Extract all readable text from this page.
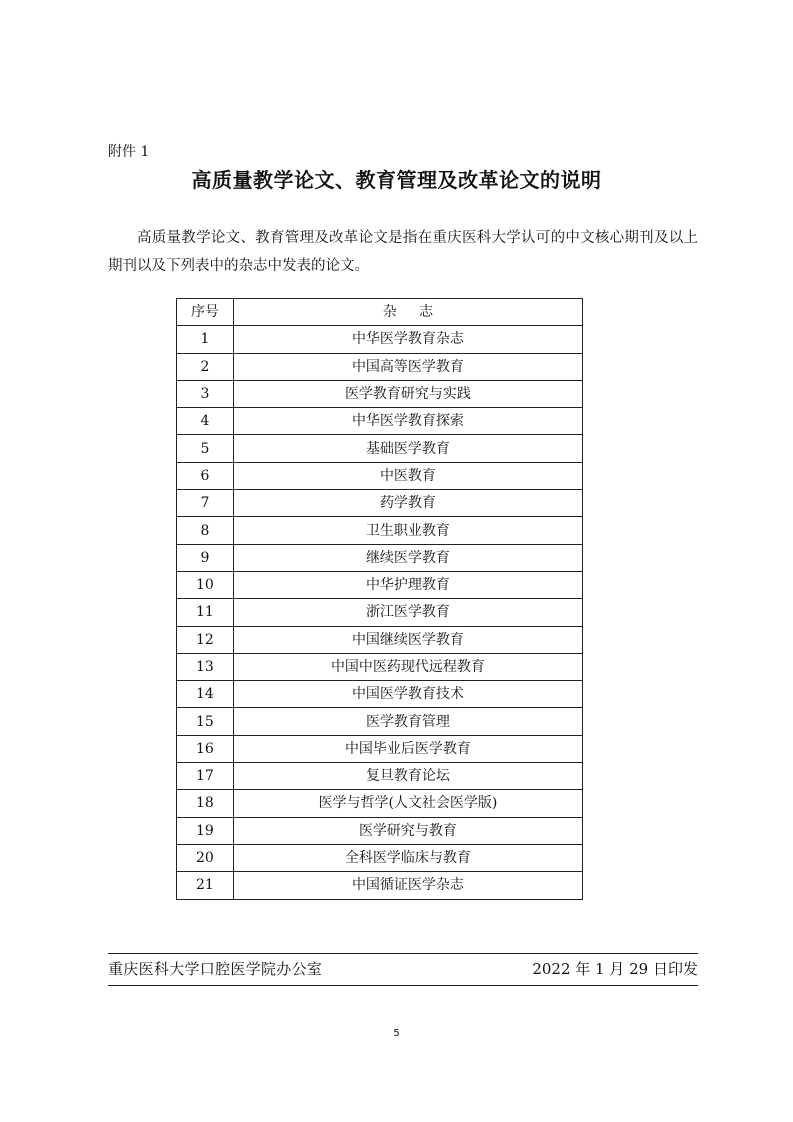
附件 1
高质量教学论文、教育管理及改革论文的说明

高质量教学论文、教育管理及改革论文是指在重庆医科大学认可的中文核心期刊及以上期刊以及下列表中的杂志中发表的论文。

序号	杂志
1	中华医学教育杂志
2	中国高等医学教育
3	医学教育研究与实践
4	中华医学教育探索
5	基础医学教育
6	中医教育
7	药学教育
8	卫生职业教育
9	继续医学教育
10	中华护理教育
11	浙江医学教育
12	中国继续医学教育
13	中国中医药现代远程教育
14	中国医学教育技术
15	医学教育管理
16	中国毕业后医学教育
17	复旦教育论坛
18	医学与哲学(人文社会医学版)
19	医学研究与教育
20	全科医学临床与教育
21	中国循证医学杂志
重庆医科大学口腔医学院办公室	2022 年 1 月 29 日印发
5
